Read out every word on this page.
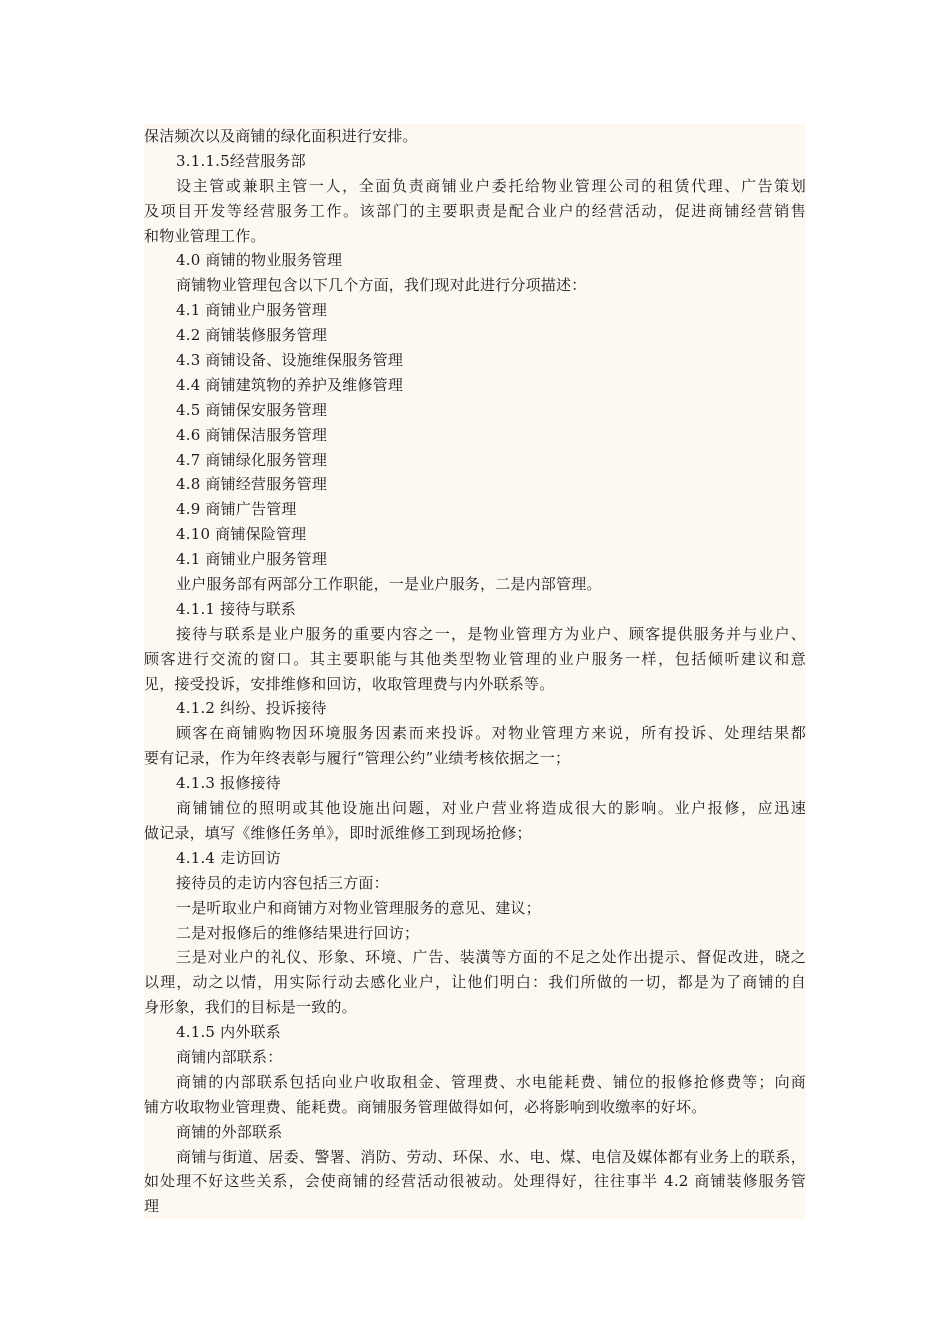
保洁频次以及商铺的绿化面积进行安排。
3.1.1.5经营服务部
设主管或兼职主管一人，全面负责商铺业户委托给物业管理公司的租赁代理、广告策划
及项目开发等经营服务工作。该部门的主要职责是配合业户的经营活动，促进商铺经营销售
和物业管理工作。
4.0 商铺的物业服务管理
商铺物业管理包含以下几个方面，我们现对此进行分项描述：
4.1 商铺业户服务管理
4.2 商铺装修服务管理
4.3 商铺设备、设施维保服务管理
4.4 商铺建筑物的养护及维修管理
4.5 商铺保安服务管理
4.6 商铺保洁服务管理
4.7 商铺绿化服务管理
4.8 商铺经营服务管理
4.9 商铺广告管理
4.10 商铺保险管理
4.1 商铺业户服务管理
业户服务部有两部分工作职能，一是业户服务，二是内部管理。
4.1.1 接待与联系
接待与联系是业户服务的重要内容之一，是物业管理方为业户、顾客提供服务并与业户、
顾客进行交流的窗口。其主要职能与其他类型物业管理的业户服务一样，包括倾听建议和意
见，接受投诉，安排维修和回访，收取管理费与内外联系等。
4.1.2 纠纷、投诉接待
顾客在商铺购物因环境服务因素而来投诉。对物业管理方来说，所有投诉、处理结果都
要有记录，作为年终表彰与履行“管理公约”业绩考核依据之一；
4.1.3 报修接待
商铺铺位的照明或其他设施出问题，对业户营业将造成很大的影响。业户报修，应迅速
做记录，填写《维修任务单》，即时派维修工到现场抢修；
4.1.4 走访回访
接待员的走访内容包括三方面：
一是听取业户和商铺方对物业管理服务的意见、建议；
二是对报修后的维修结果进行回访；
三是对业户的礼仪、形象、环境、广告、装潢等方面的不足之处作出提示、督促改进，晓之
以理，动之以情，用实际行动去感化业户，让他们明白：我们所做的一切，都是为了商铺的自
身形象，我们的目标是一致的。
4.1.5 内外联系
商铺内部联系：
商铺的内部联系包括向业户收取租金、管理费、水电能耗费、铺位的报修抢修费等；向商
铺方收取物业管理费、能耗费。商铺服务管理做得如何，必将影响到收缴率的好坏。
商铺的外部联系
商铺与街道、居委、警署、消防、劳动、环保、水、电、煤、电信及媒体都有业务上的联系，
如处理不好这些关系，会使商铺的经营活动很被动。处理得好，往往事半 4.2 商铺装修服务管
理
